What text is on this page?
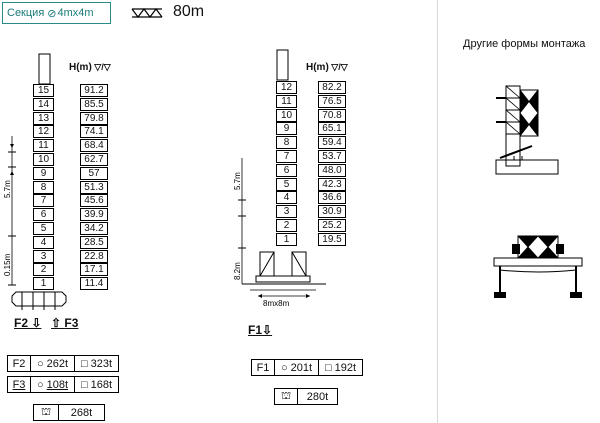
Секция ⊘ 4mx4m	80m
5.7m
0.15m
H(m) ▽/▽
15	91.2
14	85.5
13	79.8
12	74.1
11	68.4
10	62.7
9	57
8	51.3
7	45.6
6	39.9
5	34.2
4	28.5
3	22.8
2	17.1
1	11.4
F2 ⇩ ⇧ F3
8mx8m
5.7m
8.2m
H(m) ▽/▽
12	82.2
11	76.5
10	70.8
9	65.1
8	59.4
7	53.7
6	48.0
5	42.3
4	36.6
3	30.9
2	25.2
1	19.5
F1⇩
F2	○ 262t □ 323t
F3	○ 108t □ 168t
⛫	268t
F1	○ 201t □ 192t
⛫	280t
Другие формы монтажа
